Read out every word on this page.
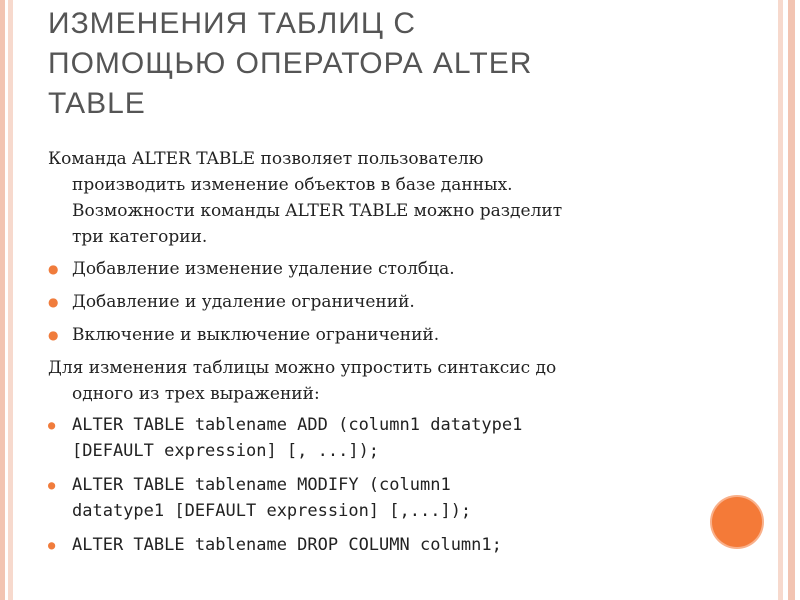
ИЗМЕНЕНИЯ ТАБЛИЦ С
ПОМОЩЬЮ ОПЕРАТОРА ALTER
TABLE
Команда ALTER TABLE позволяет пользователю
производить изменение объектов в базе данных.
Возможности команды ALTER TABLE можно разделит
три категории.
● Добавление изменение удаление столбца.
● Добавление и удаление ограничений.
● Включение и выключение ограничений.
Для изменения таблицы можно упростить синтаксис до
одного из трех выражений:
● ALTER TABLE tablename ADD (column1 datatype1
[DEFAULT expression] [, ...]);
● ALTER TABLE tablename MODIFY (column1
datatype1 [DEFAULT expression] [,...]);
● ALTER TABLE tablename DROP COLUMN column1;
